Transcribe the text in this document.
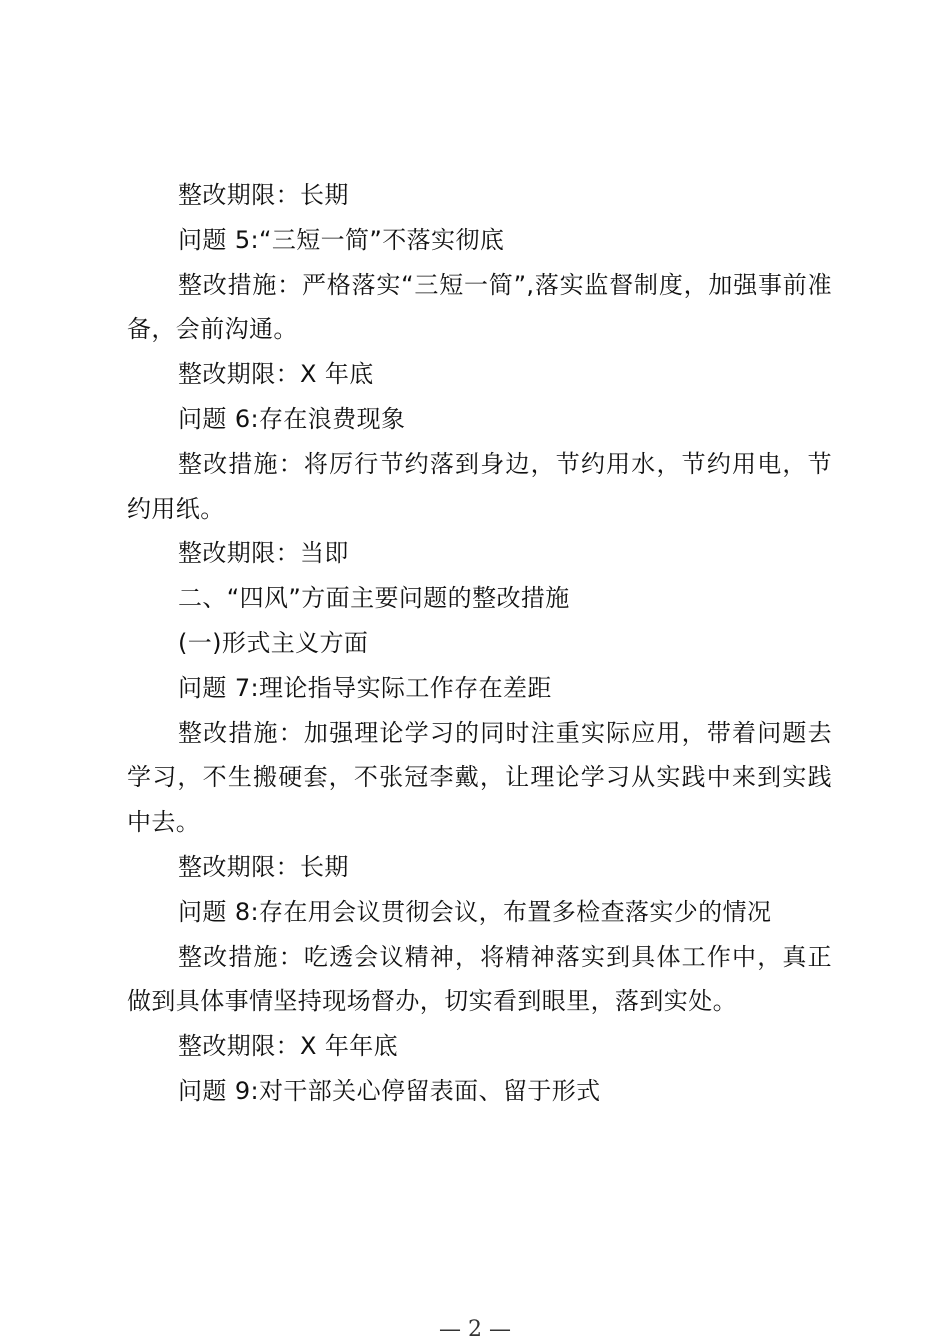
整改期限：长期

问题 5:“三短一简”不落实彻底

整改措施：严格落实“三短一简”,落实监督制度，加强事前准备，会前沟通。

整改期限：X 年底

问题 6:存在浪费现象

整改措施：将厉行节约落到身边，节约用水，节约用电，节约用纸。

整改期限：当即

二、“四风”方面主要问题的整改措施

(一)形式主义方面

问题 7:理论指导实际工作存在差距

整改措施：加强理论学习的同时注重实际应用，带着问题去学习，不生搬硬套，不张冠李戴，让理论学习从实践中来到实践中去。

整改期限：长期

问题 8:存在用会议贯彻会议，布置多检查落实少的情况

整改措施：吃透会议精神，将精神落实到具体工作中，真正做到具体事情坚持现场督办，切实看到眼里，落到实处。

整改期限：X 年年底

问题 9:对干部关心停留表面、留于形式

— 2 —
